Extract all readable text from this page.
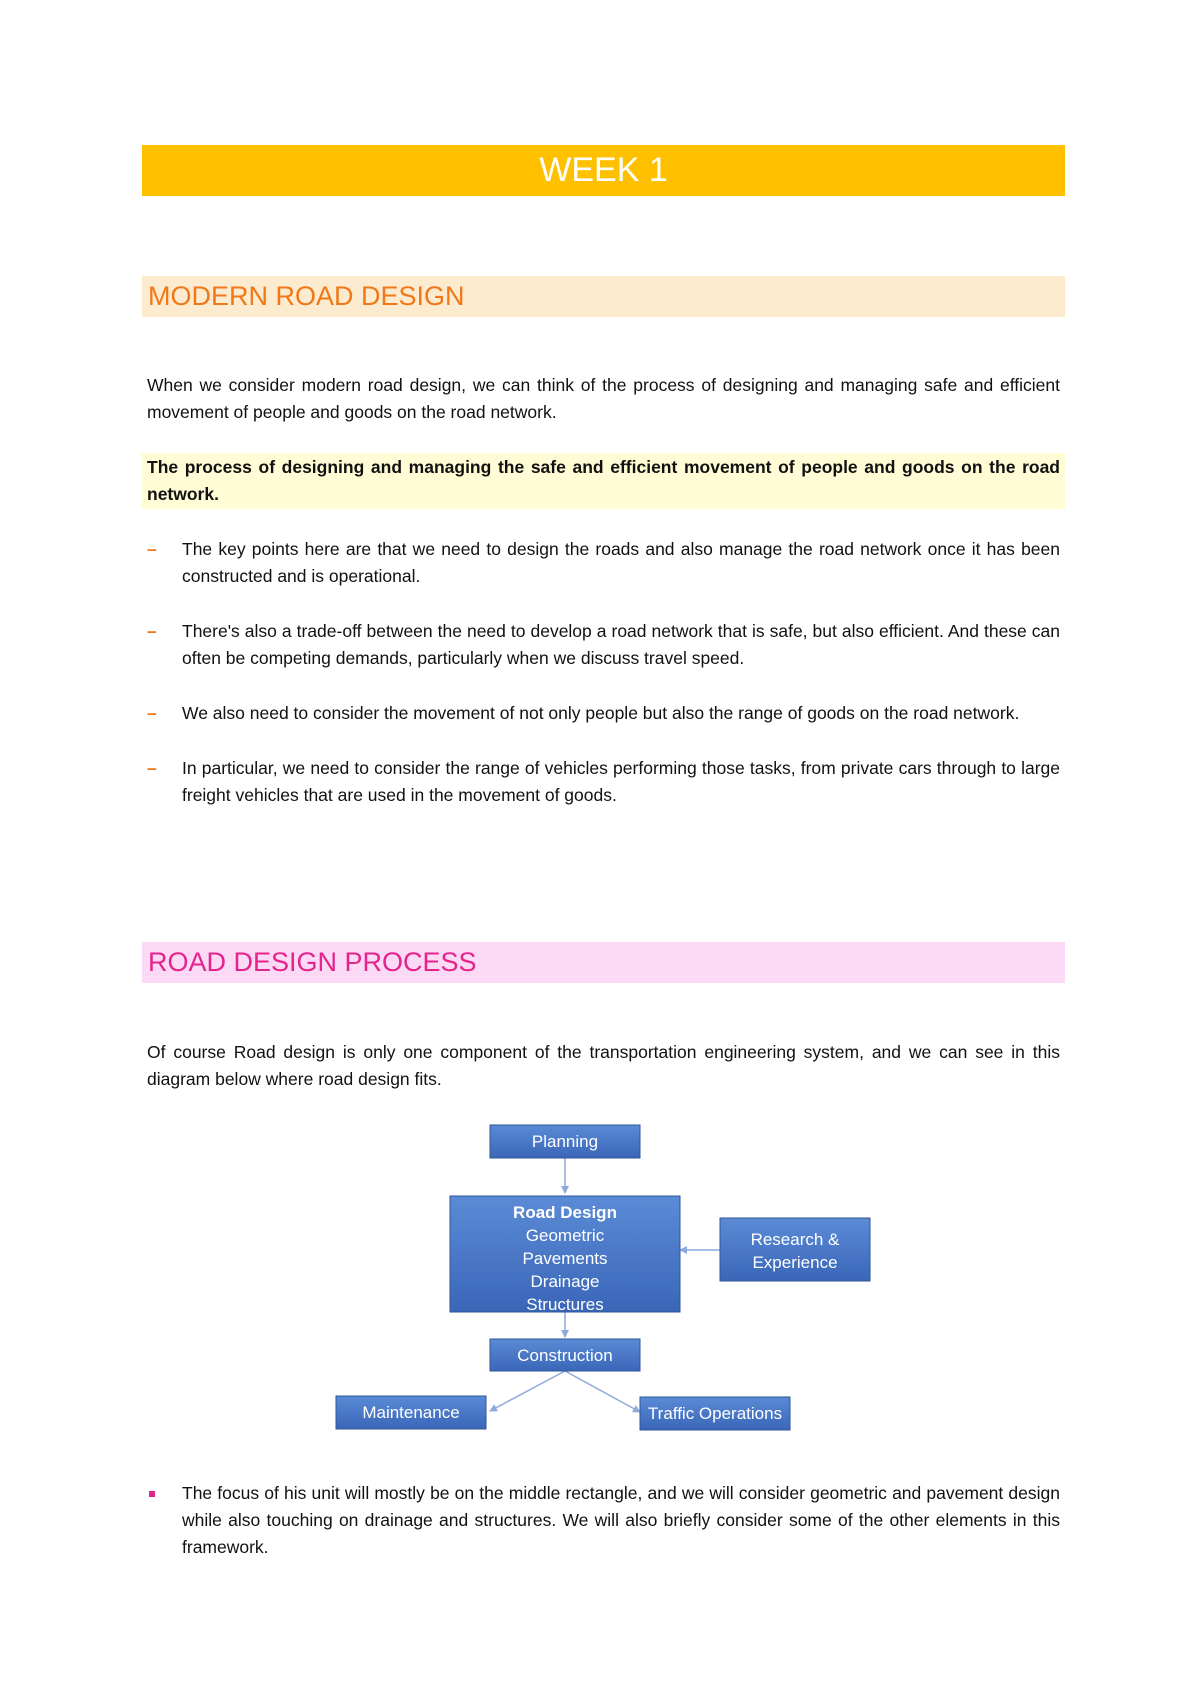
WEEK 1
MODERN ROAD DESIGN

When we consider modern road design, we can think of the process of designing and managing safe and efficient movement of people and goods on the road network.

The process of designing and managing the safe and efficient movement of people and goods on the road network.

– The key points here are that we need to design the roads and also manage the road network once it has been constructed and is operational.
– There's also a trade-off between the need to develop a road network that is safe, but also efficient. And these can often be competing demands, particularly when we discuss travel speed.
– We also need to consider the movement of not only people but also the range of goods on the road network.
– In particular, we need to consider the range of vehicles performing those tasks, from private cars through to large freight vehicles that are used in the movement of goods.
ROAD DESIGN PROCESS

Of course Road design is only one component of the transportation engineering system, and we can see in this diagram below where road design fits.

Planning
Road Design
Geometric
Pavements
Drainage
Structures
Research &
Experience
Construction
Maintenance	Traffic Operations
The focus of his unit will mostly be on the middle rectangle, and we will consider geometric and pavement design while also touching on drainage and structures. We will also briefly consider some of the other elements in this framework.
